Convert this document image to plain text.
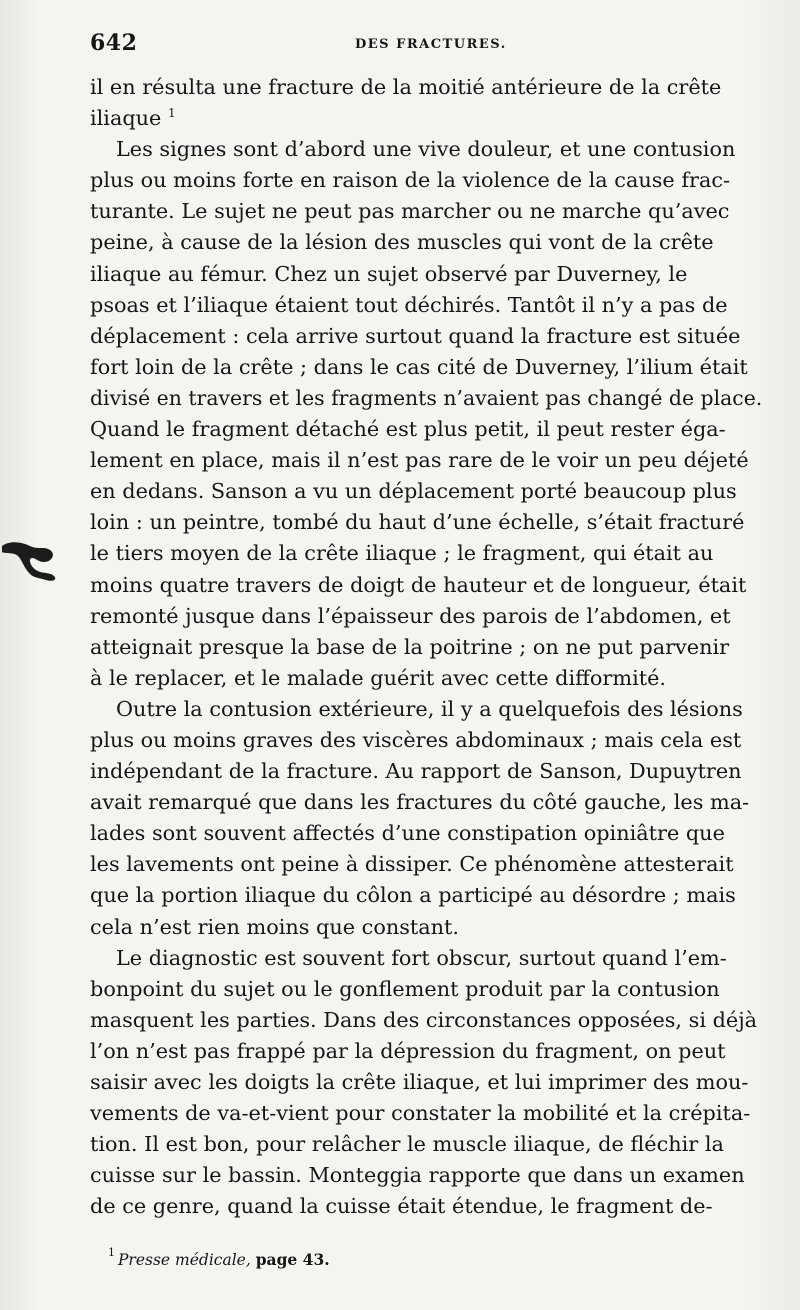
642	DES FRACTURES.
il en résulta une fracture de la moitié antérieure de la crête
iliaque $^1$
Les signes sont d’abord une vive douleur, et une contusion
plus ou moins forte en raison de la violence de la cause frac-
turante. Le sujet ne peut pas marcher ou ne marche qu’avec
peine, à cause de la lésion des muscles qui vont de la crête
iliaque au fémur. Chez un sujet observé par Duverney, le
psoas et l’iliaque étaient tout déchirés. Tantôt il n’y a pas de
déplacement : cela arrive surtout quand la fracture est située
fort loin de la crête ; dans le cas cité de Duverney, l’ilium était
divisé en travers et les fragments n’avaient pas changé de place.
Quand le fragment détaché est plus petit, il peut rester éga-
lement en place, mais il n’est pas rare de le voir un peu déjeté
en dedans. Sanson a vu un déplacement porté beaucoup plus
loin : un peintre, tombé du haut d’une échelle, s’était fracturé
le tiers moyen de la crête iliaque ; le fragment, qui était au
moins quatre travers de doigt de hauteur et de longueur, était
remonté jusque dans l’épaisseur des parois de l’abdomen, et
atteignait presque la base de la poitrine ; on ne put parvenir
à le replacer, et le malade guérit avec cette difformité.
Outre la contusion extérieure, il y a quelquefois des lésions
plus ou moins graves des viscères abdominaux ; mais cela est
indépendant de la fracture. Au rapport de Sanson, Dupuytren
avait remarqué que dans les fractures du côté gauche, les ma-
lades sont souvent affectés d’une constipation opiniâtre que
les lavements ont peine à dissiper. Ce phénomène attesterait
que la portion iliaque du côlon a participé au désordre ; mais
cela n’est rien moins que constant.
Le diagnostic est souvent fort obscur, surtout quand l’em-
bonpoint du sujet ou le gonflement produit par la contusion
masquent les parties. Dans des circonstances opposées, si déjà
l’on n’est pas frappé par la dépression du fragment, on peut
saisir avec les doigts la crête iliaque, et lui imprimer des mou-
vements de va-et-vient pour constater la mobilité et la crépita-
tion. Il est bon, pour relâcher le muscle iliaque, de fléchir la
cuisse sur le bassin. Monteggia rapporte que dans un examen
de ce genre, quand la cuisse était étendue, le fragment de-
1 Presse médicale, page 43.
